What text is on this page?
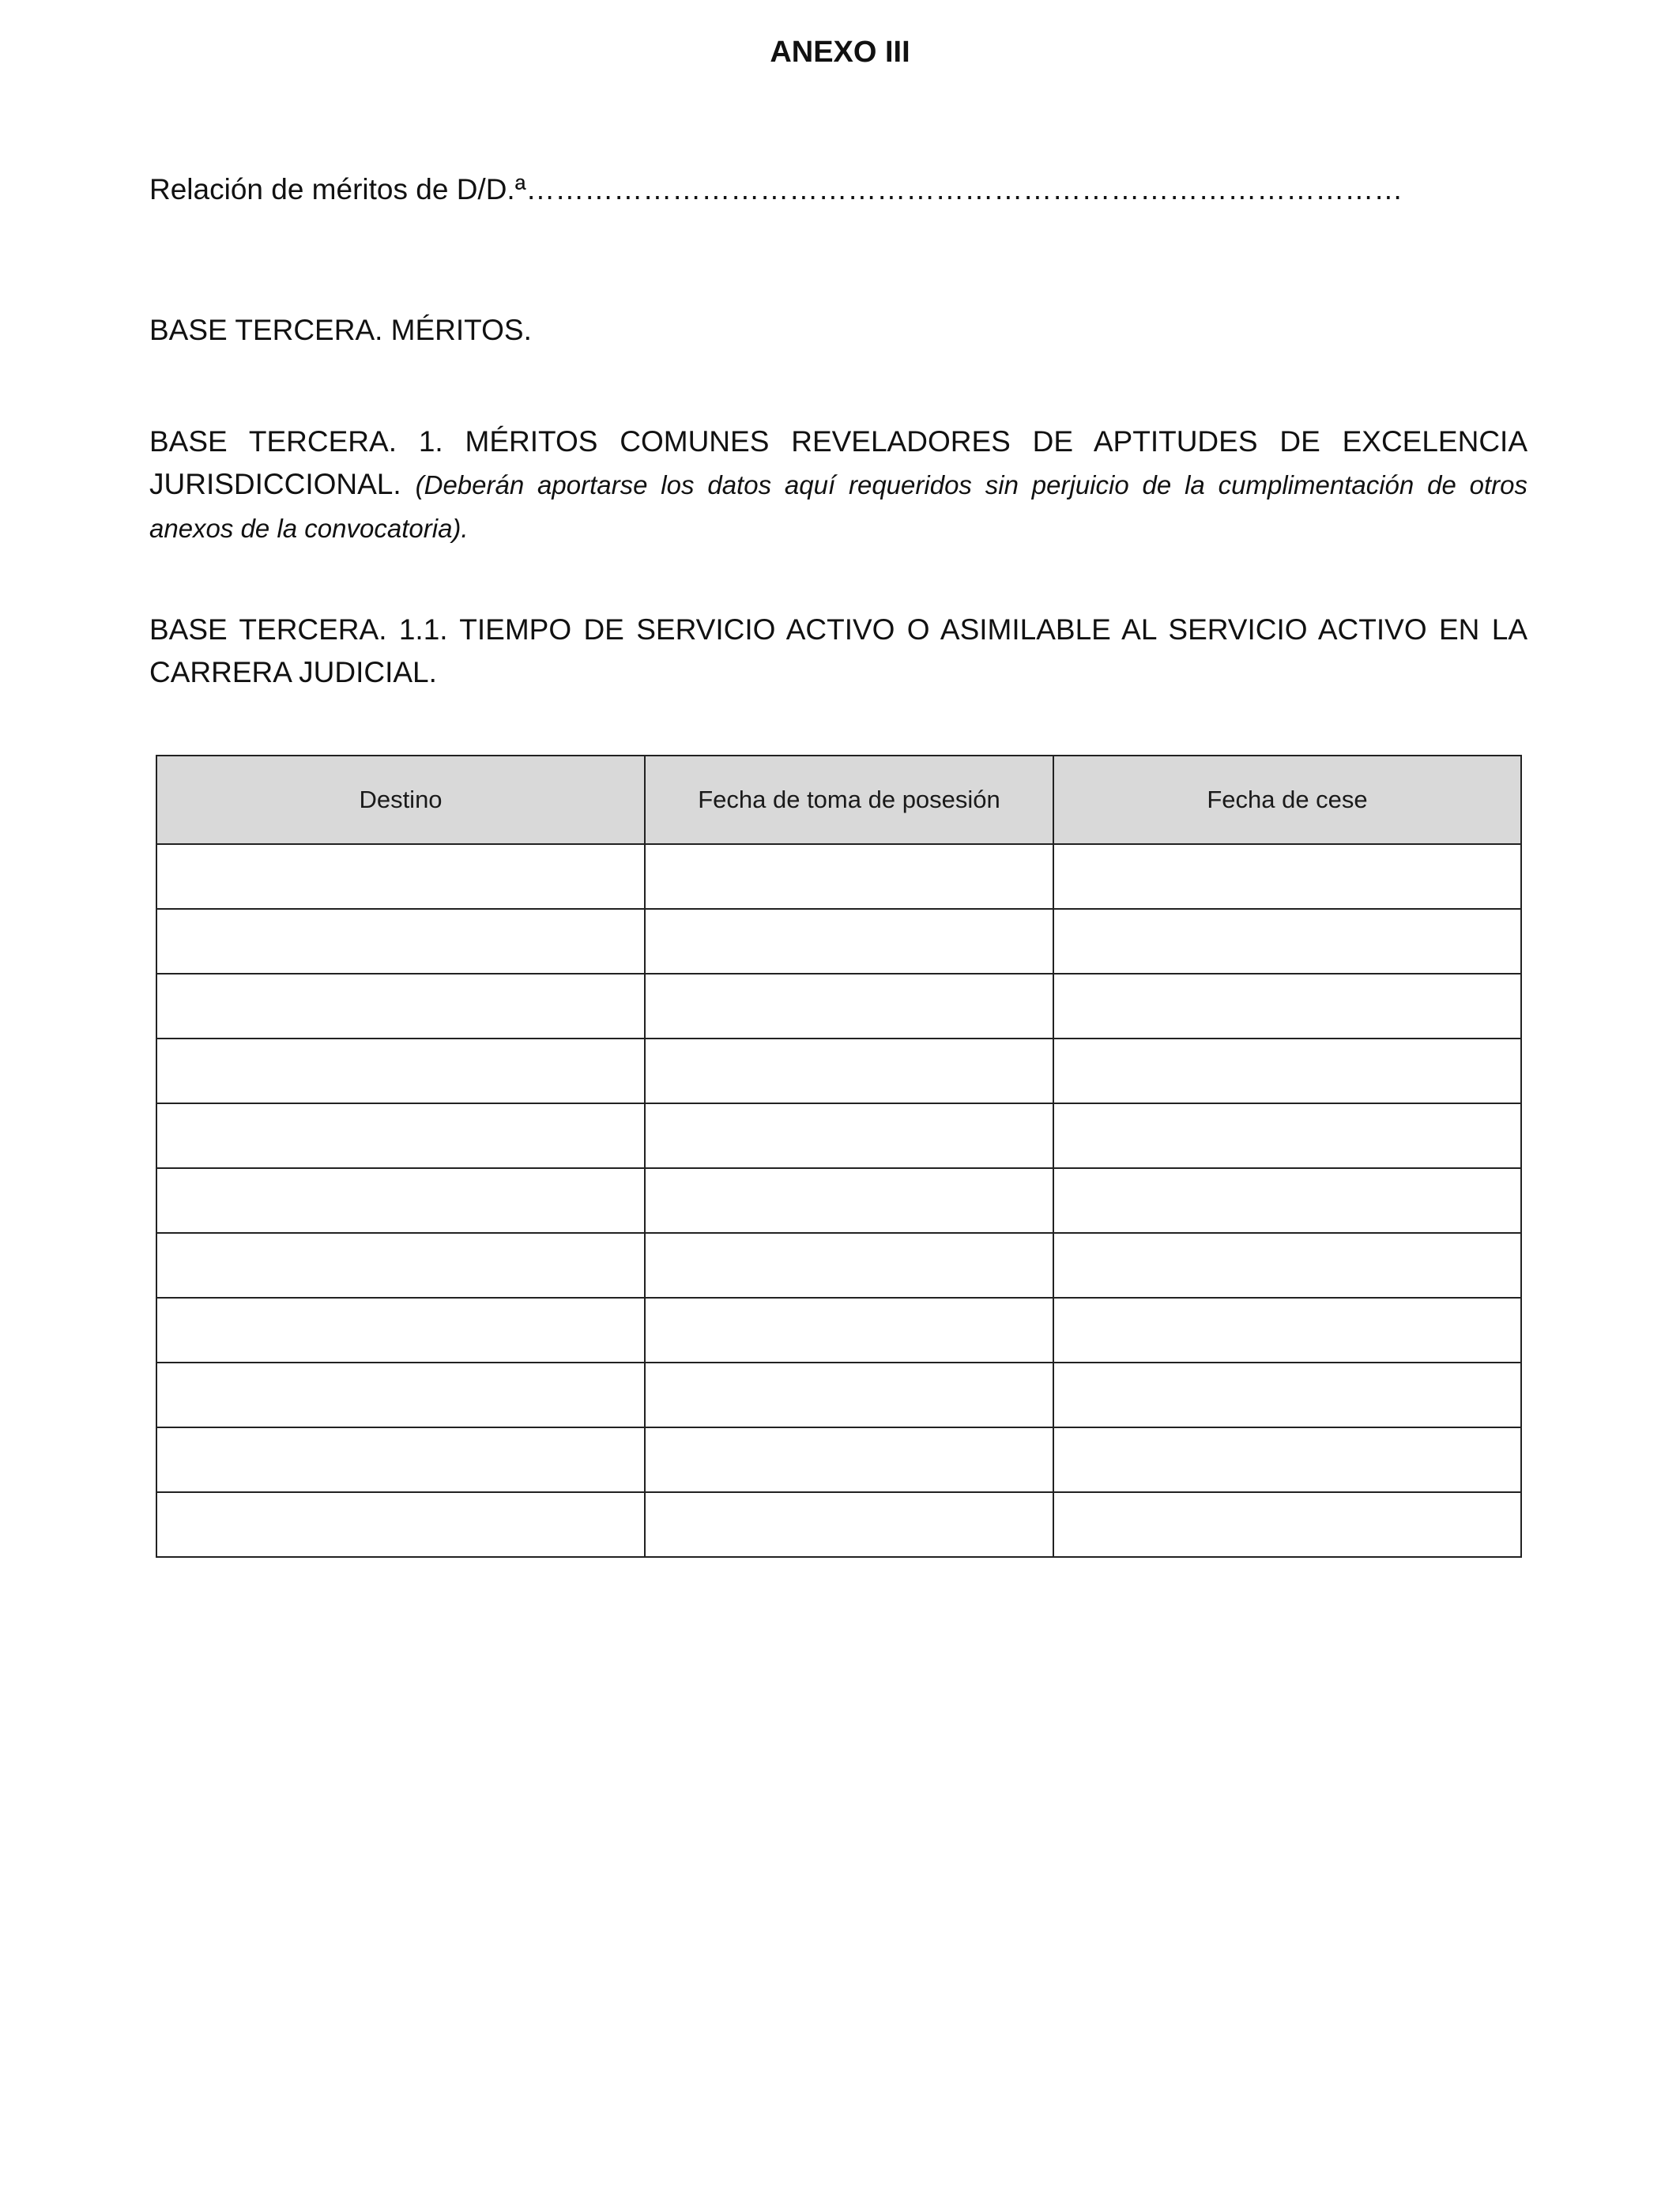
ANEXO III
Relación de méritos de D/D.ª………………………………………………………………………………
BASE TERCERA. MÉRITOS.
BASE TERCERA. 1. MÉRITOS COMUNES REVELADORES DE APTITUDES DE EXCELENCIA JURISDICCIONAL. (Deberán aportarse los datos aquí requeridos sin perjuicio de la cumplimentación de otros anexos de la convocatoria).
BASE TERCERA. 1.1. TIEMPO DE SERVICIO ACTIVO O ASIMILABLE AL SERVICIO ACTIVO EN LA CARRERA JUDICIAL.
Destino	Fecha de toma de posesión	Fecha de cese
